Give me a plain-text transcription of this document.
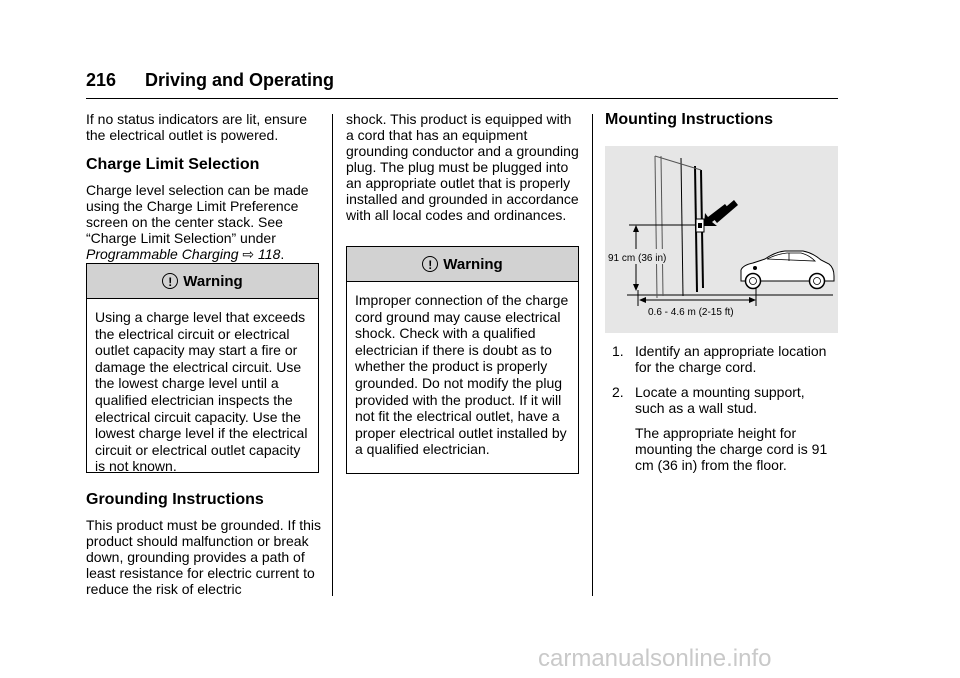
216 Driving and Operating

If no status indicators are lit, ensure the electrical outlet is powered.

Charge Limit Selection

Charge level selection can be made using the Charge Limit Preference screen on the center stack. See “Charge Limit Selection” under Programmable Charging ⇨ 118.

! Warning
Using a charge level that exceeds the electrical circuit or electrical outlet capacity may start a fire or damage the electrical circuit. Use the lowest charge level until a qualified electrician inspects the electrical circuit capacity. Use the lowest charge level if the electrical circuit or electrical outlet capacity is not known.
Grounding Instructions

This product must be grounded. If this product should malfunction or break down, grounding provides a path of least resistance for electric current to reduce the risk of electric

shock. This product is equipped with a cord that has an equipment grounding conductor and a grounding plug. The plug must be plugged into an appropriate outlet that is properly installed and grounded in accordance with all local codes and ordinances.

! Warning
Improper connection of the charge cord ground may cause electrical shock. Check with a qualified electrician if there is doubt as to whether the product is properly grounded. Do not modify the plug provided with the product. If it will not fit the electrical outlet, have a proper electrical outlet installed by a qualified electrician.
Mounting Instructions
91 cm (36 in)
0.6 - 4.6 m (2-15 ft)
1. Identify an appropriate location for the charge cord.
2. Locate a mounting support, such as a wall stud.
The appropriate height for mounting the charge cord is 91 cm (36 in) from the floor.
carmanualsonline.info
